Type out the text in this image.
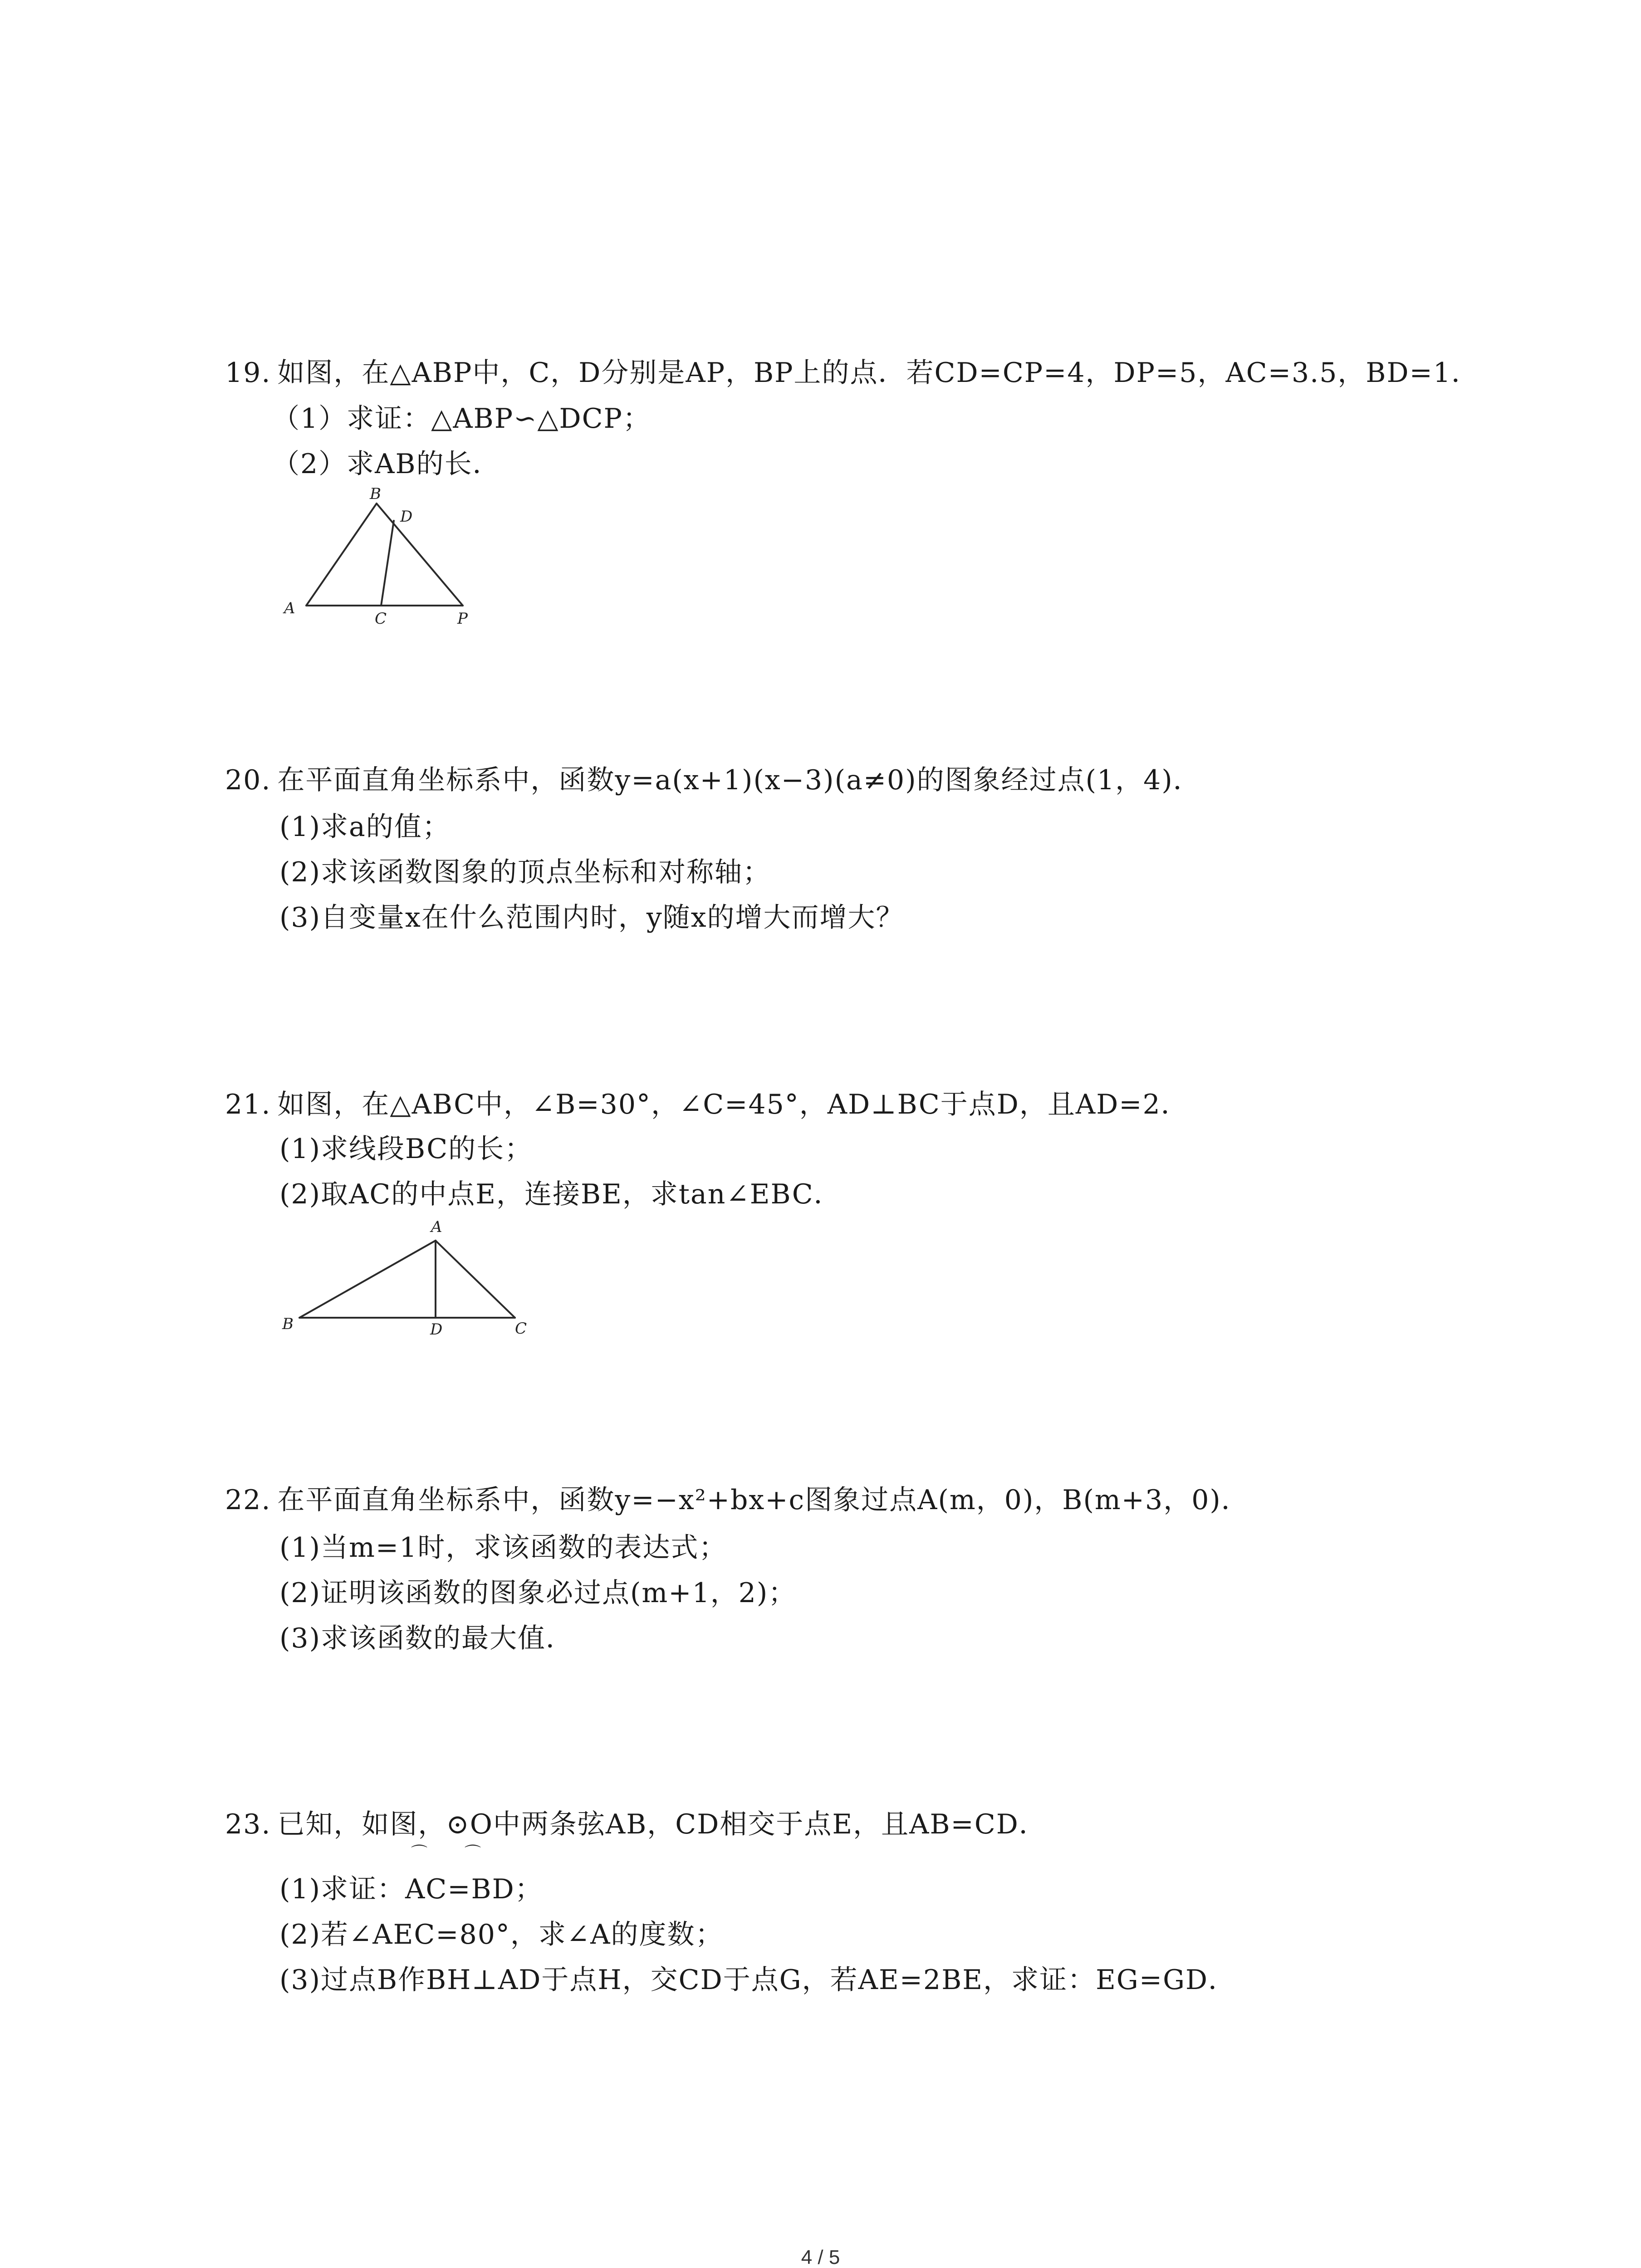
19. 如图，在△ABP中，C，D分别是AP，BP上的点．若CD=CP=4，DP=5，AC=3.5，BD=1．
（1）求证：△ABP∽△DCP；
（2）求AB的长．
B
D
A
C	P
20. 在平面直角坐标系中，函数y=a(x+1)(x−3)(a≠0)的图象经过点(1，4)．
(1)求a的值；
(2)求该函数图象的顶点坐标和对称轴；
(3)自变量x在什么范围内时，y随x的增大而增大？
21. 如图，在△ABC中，∠B=30°，∠C=45°，AD⊥BC于点D，且AD=2．
(1)求线段BC的长；
(2)取AC的中点E，连接BE，求tan∠EBC．
A
B	D	C
22. 在平面直角坐标系中，函数y=−x²+bx+c图象过点A(m，0)，B(m+3，0)．
(1)当m=1时，求该函数的表达式；
(2)证明该函数的图象必过点(m+1，2)；
(3)求该函数的最大值．
23. 已知，如图，⊙O中两条弦AB，CD相交于点E，且AB=CD．
⌒ ⌒
(1)求证：AC=BD；
(2)若∠AEC=80°，求∠A的度数；
(3)过点B作BH⊥AD于点H，交CD于点G，若AE=2BE，求证：EG=GD．
4 / 5
